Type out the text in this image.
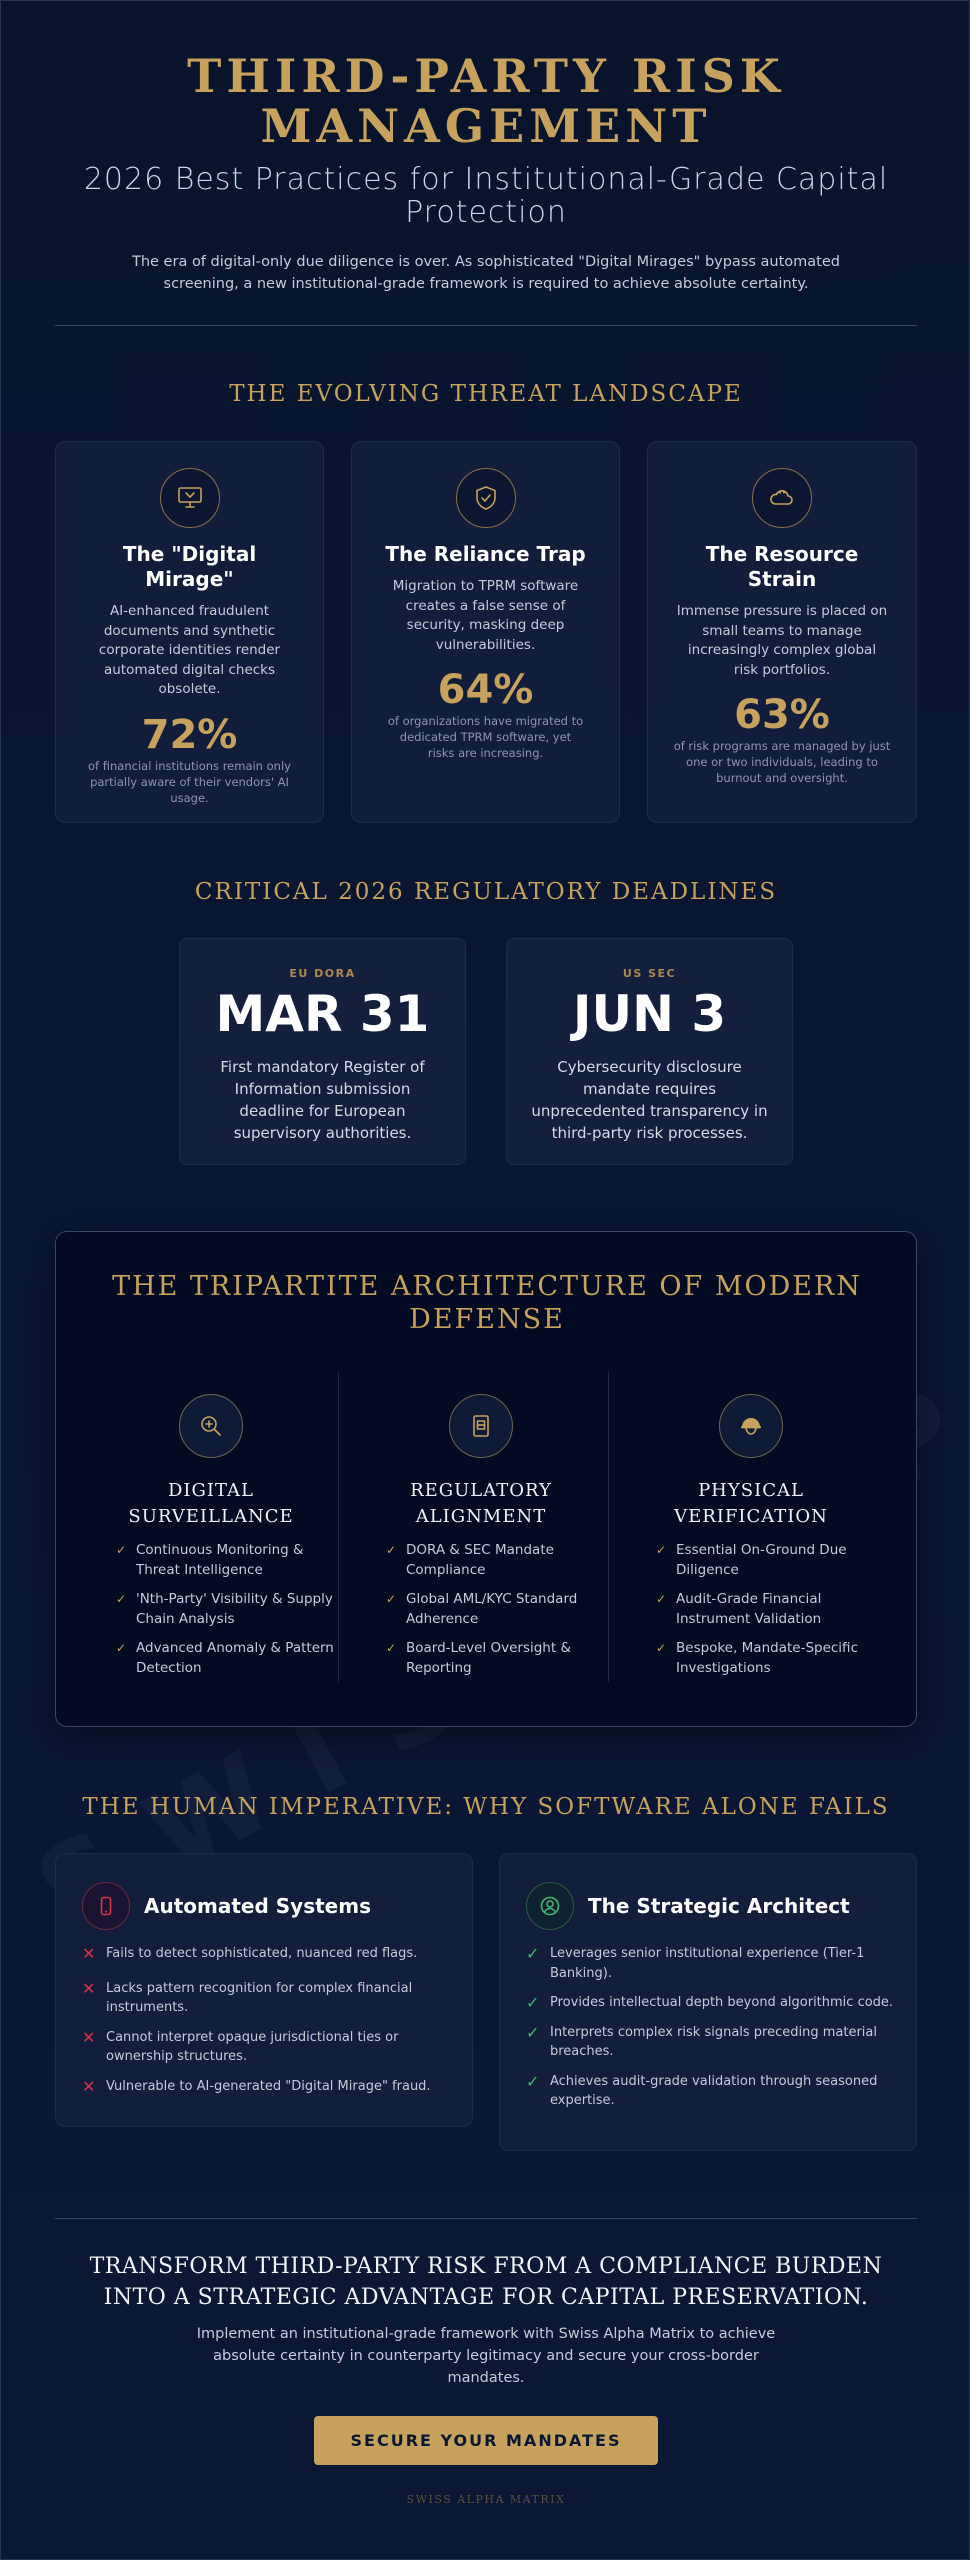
THIRD-PARTY RISK MANAGEMENT
2026 Best Practices for Institutional-Grade Capital Protection

The era of digital-only due diligence is over. As sophisticated "Digital Mirages" bypass automated screening, a new institutional-grade framework is required to achieve absolute certainty.

THE EVOLVING THREAT LANDSCAPE
The "Digital Mirage"

AI-enhanced fraudulent documents and synthetic corporate identities render automated digital checks obsolete.

72%

of financial institutions remain only partially aware of their vendors' AI usage.

The Reliance Trap

Migration to TPRM software creates a false sense of security, masking deep vulnerabilities.

64%

of organizations have migrated to dedicated TPRM software, yet risks are increasing.

The Resource Strain

Immense pressure is placed on small teams to manage increasingly complex global risk portfolios.

63%

of risk programs are managed by just one or two individuals, leading to burnout and oversight.

CRITICAL 2026 REGULATORY DEADLINES
EU DORA
MAR 31

First mandatory Register of Information submission deadline for European supervisory authorities.

US SEC
JUN 3

Cybersecurity disclosure mandate requires unprecedented transparency in third-party risk processes.

THE TRIPARTITE ARCHITECTURE OF MODERN DEFENSE
DIGITAL SURVEILLANCE
✓ Continuous Monitoring & Threat Intelligence
✓ 'Nth-Party' Visibility & Supply Chain Analysis
✓ Advanced Anomaly & Pattern Detection
REGULATORY ALIGNMENT
✓ DORA & SEC Mandate Compliance
✓ Global AML/KYC Standard Adherence
✓ Board-Level Oversight & Reporting
PHYSICAL VERIFICATION
✓ Essential On-Ground Due Diligence
✓ Audit-Grade Financial Instrument Validation
✓ Bespoke, Mandate-Specific Investigations
THE HUMAN IMPERATIVE: WHY SOFTWARE ALONE FAILS
Automated Systems
✕ Fails to detect sophisticated, nuanced red flags.
✕ Lacks pattern recognition for complex financial instruments.
✕ Cannot interpret opaque jurisdictional ties or ownership structures.
✕ Vulnerable to AI-generated "Digital Mirage" fraud.
The Strategic Architect
✓ Leverages senior institutional experience (Tier-1 Banking).
✓ Provides intellectual depth beyond algorithmic code.
✓ Interprets complex risk signals preceding material breaches.
✓ Achieves audit-grade validation through seasoned expertise.
TRANSFORM THIRD-PARTY RISK FROM A COMPLIANCE BURDEN INTO A STRATEGIC ADVANTAGE FOR CAPITAL PRESERVATION.

Implement an institutional-grade framework with Swiss Alpha Matrix to achieve absolute certainty in counterparty legitimacy and secure your cross-border mandates.

SECURE YOUR MANDATES
SWISS ALPHA MATRIX
